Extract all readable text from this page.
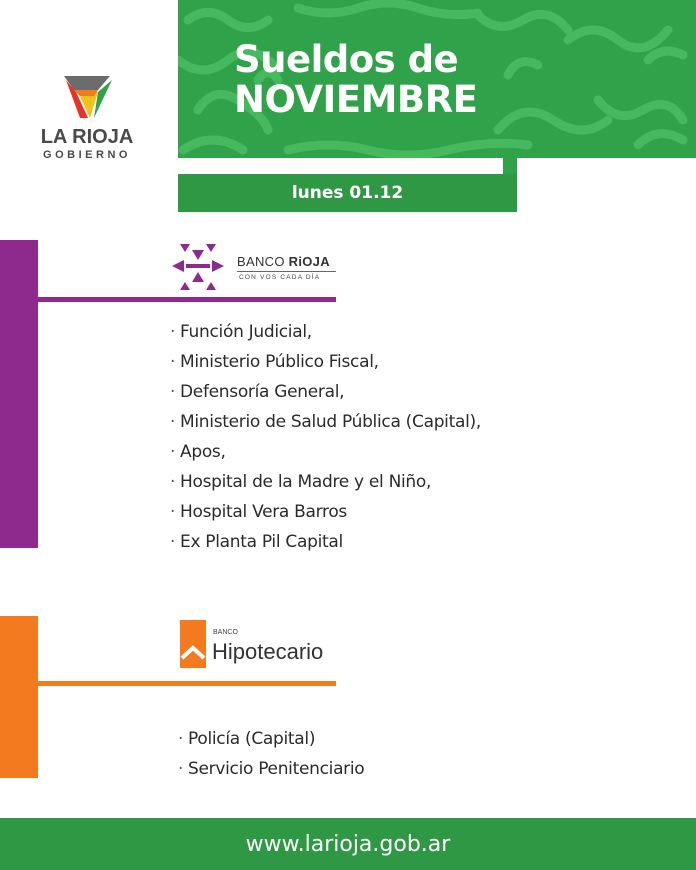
LA RIOJA
GOBIERNO
Sueldos de
NOVIEMBRE
lunes 01.12
BANCO RiOJA
CON VOS CADA DÍA
· Función Judicial,
· Ministerio Público Fiscal,
· Defensoría General,
· Ministerio de Salud Pública (Capital),
· Apos,
· Hospital de la Madre y el Niño,
· Hospital Vera Barros
· Ex Planta Pil Capital
BANCO
Hipotecario
· Policía (Capital)
· Servicio Penitenciario
www.larioja.gob.ar
